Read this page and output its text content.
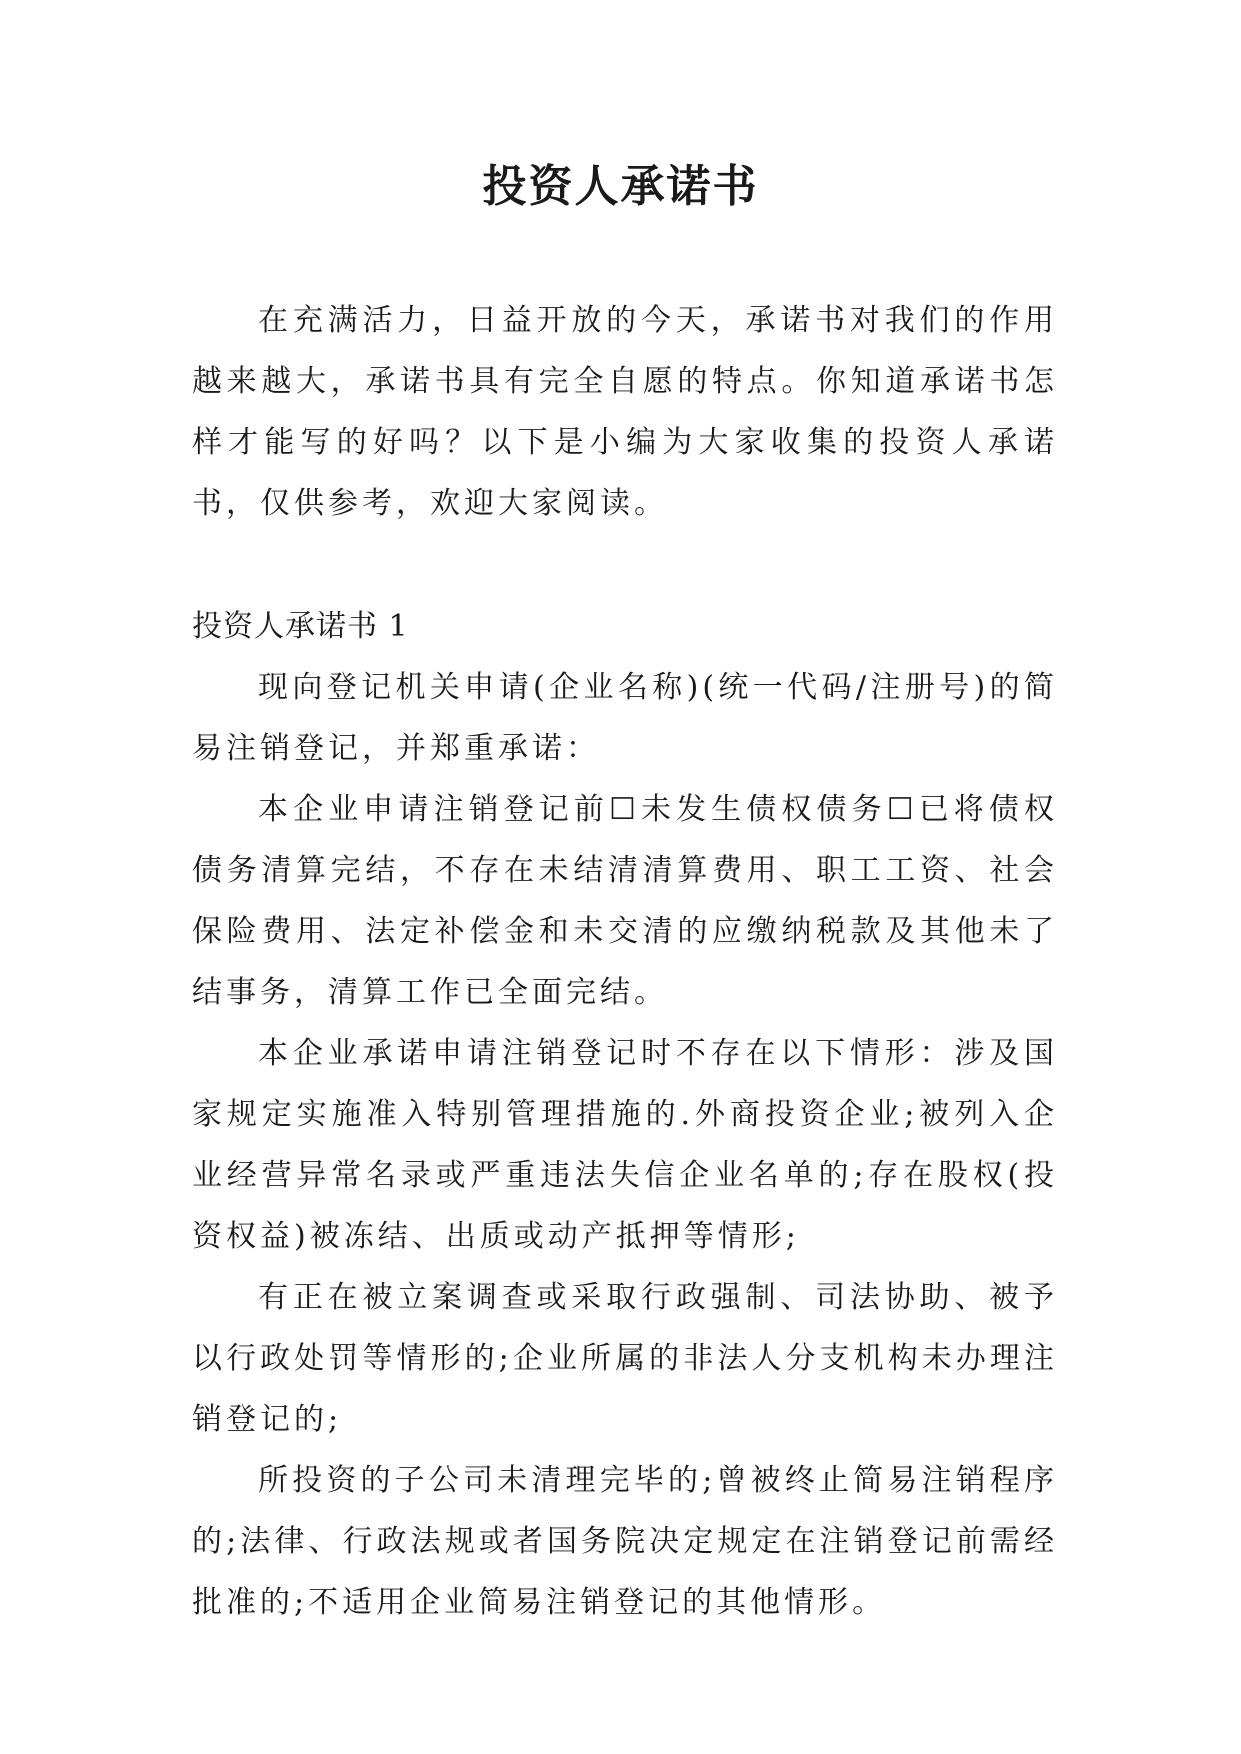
投资人承诺书

在充满活力，日益开放的今天，承诺书对我们的作用越来越大，承诺书具有完全自愿的特点。你知道承诺书怎样才能写的好吗？以下是小编为大家收集的投资人承诺书，仅供参考，欢迎大家阅读。

投资人承诺书 1

现向登记机关申请(企业名称)(统一代码/注册号)的简易注销登记，并郑重承诺：

本企业申请注销登记前☐未发生债权债务☐已将债权债务清算完结，不存在未结清清算费用、职工工资、社会保险费用、法定补偿金和未交清的应缴纳税款及其他未了结事务，清算工作已全面完结。

本企业承诺申请注销登记时不存在以下情形：涉及国家规定实施准入特别管理措施的.外商投资企业;被列入企业经营异常名录或严重违法失信企业名单的;存在股权(投资权益)被冻结、出质或动产抵押等情形;

有正在被立案调查或采取行政强制、司法协助、被予以行政处罚等情形的;企业所属的非法人分支机构未办理注销登记的;

所投资的子公司未清理完毕的;曾被终止简易注销程序的;法律、行政法规或者国务院决定规定在注销登记前需经批准的;不适用企业简易注销登记的其他情形。
